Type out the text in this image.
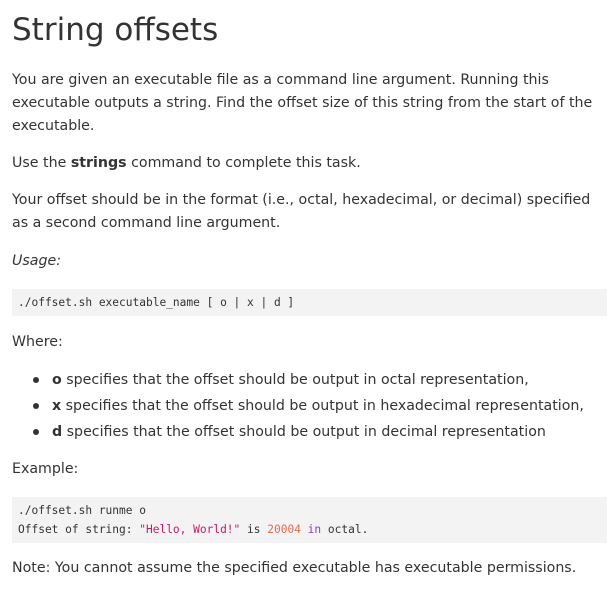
String offsets

You are given an executable file as a command line argument. Running this executable outputs a string. Find the offset size of this string from the start of the executable.

Use the strings command to complete this task.

Your offset should be in the format (i.e., octal, hexadecimal, or decimal) specified as a second command line argument.

Usage:

./offset.sh executable_name [ o | x | d ]

Where:

o specifies that the offset should be output in octal representation,
x specifies that the offset should be output in hexadecimal representation,
d specifies that the offset should be output in decimal representation

Example:

./offset.sh runme o
Offset of string: "Hello, World!" is 20004 in octal.

Note: You cannot assume the specified executable has executable permissions.
